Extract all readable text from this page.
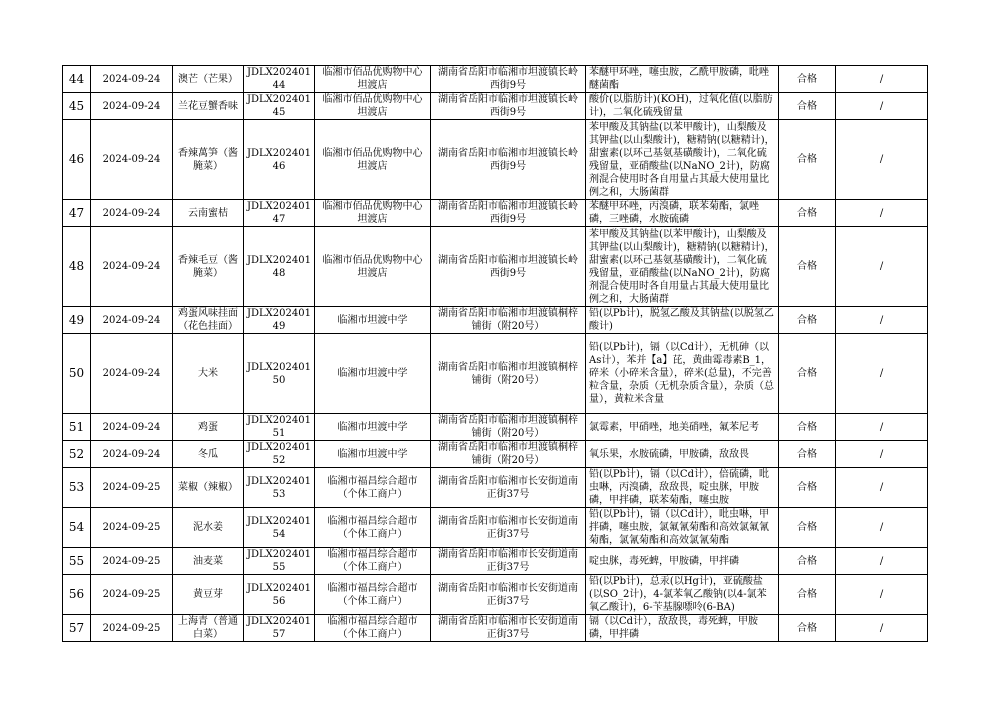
44	2024-09-24	澳芒（芒果）	JDLX20240144	临湘市佰品优购物中心坦渡店	湖南省岳阳市临湘市坦渡镇长岭西街9号	苯醚甲环唑，噻虫胺，乙酰甲胺磷，吡唑醚菌酯	合格	/
45	2024-09-24	兰花豆蟹香味	JDLX20240145	临湘市佰品优购物中心坦渡店	湖南省岳阳市临湘市坦渡镇长岭西街9号	酸价(以脂肪计)(KOH)，过氧化值(以脂肪计)，二氧化硫残留量	合格	/
46	2024-09-24	香辣萬笋（酱腌菜）	JDLX20240146	临湘市佰品优购物中心坦渡店	湖南省岳阳市临湘市坦渡镇长岭西街9号	苯甲酸及其钠盐(以苯甲酸计)，山梨酸及其钾盐(以山梨酸计)，糖精钠(以糖精计)，甜蜜素(以环己基氨基磺酸计)，二氧化硫残留量，亚硝酸盐(以NaNO_2计)，防腐剂混合使用时各自用量占其最大使用量比例之和，大肠菌群	合格	/
47	2024-09-24	云南蜜桔	JDLX20240147	临湘市佰品优购物中心坦渡店	湖南省岳阳市临湘市坦渡镇长岭西街9号	苯醚甲环唑，丙溴磷，联苯菊酯，氯唑磷，三唑磷，水胺硫磷	合格	/
48	2024-09-24	香辣毛豆（酱腌菜）	JDLX20240148	临湘市佰品优购物中心坦渡店	湖南省岳阳市临湘市坦渡镇长岭西街9号	苯甲酸及其钠盐(以苯甲酸计)，山梨酸及其钾盐(以山梨酸计)，糖精钠(以糖精计)，甜蜜素(以环己基氨基磺酸计)，二氧化硫残留量，亚硝酸盐(以NaNO_2计)，防腐剂混合使用时各自用量占其最大使用量比例之和，大肠菌群	合格	/
49	2024-09-24	鸡蛋风味挂面（花色挂面）	JDLX20240149	临湘市坦渡中学	湖南省岳阳市临湘市坦渡镇桐梓铺街（附20号）	铅(以Pb计)，脱氢乙酸及其钠盐(以脱氢乙酸计)	合格	/
50	2024-09-24	大米	JDLX20240150	临湘市坦渡中学	湖南省岳阳市临湘市坦渡镇桐梓铺街（附20号）	铅(以Pb计)，镉（以Cd计），无机砷（以As计），苯并【a】芘，黄曲霉毒素B_1，碎米（小碎米含量），碎米(总量)，不完善粒含量，杂质（无机杂质含量），杂质（总量），黄粒米含量	合格	/
51	2024-09-24	鸡蛋	JDLX20240151	临湘市坦渡中学	湖南省岳阳市临湘市坦渡镇桐梓铺街（附20号）	氯霉素，甲硝唑，地美硝唑，氟苯尼考	合格	/
52	2024-09-24	冬瓜	JDLX20240152	临湘市坦渡中学	湖南省岳阳市临湘市坦渡镇桐梓铺街（附20号）	氧乐果，水胺硫磷，甲胺磷，敌敌畏	合格	/
53	2024-09-25	菜椒（辣椒）	JDLX20240153	临湘市福昌综合超市（个体工商户）	湖南省岳阳市临湘市长安街道南正街37号	铅(以Pb计)，镉（以Cd计），倍硫磷，吡虫啉，丙溴磷，敌敌畏，啶虫脒，甲胺磷，甲拌磷，联苯菊酯，噻虫胺	合格	/
54	2024-09-25	泥水姜	JDLX20240154	临湘市福昌综合超市（个体工商户）	湖南省岳阳市临湘市长安街道南正街37号	铅(以Pb计)，镉（以Cd计），吡虫啉，甲拌磷，噻虫胺，氯氟氰菊酯和高效氯氟氰菊酯，氯氰菊酯和高效氯氰菊酯	合格	/
55	2024-09-25	油麦菜	JDLX20240155	临湘市福昌综合超市（个体工商户）	湖南省岳阳市临湘市长安街道南正街37号	啶虫脒，毒死蜱，甲胺磷，甲拌磷	合格	/
56	2024-09-25	黄豆芽	JDLX20240156	临湘市福昌综合超市（个体工商户）	湖南省岳阳市临湘市长安街道南正街37号	铅(以Pb计)，总汞(以Hg计)，亚硫酸盐(以SO_2计)，4-氯苯氧乙酸钠(以4-氯苯氧乙酸计)，6-苄基腺嘌呤(6-BA)	合格	/
57	2024-09-25	上海青（普通白菜）	JDLX20240157	临湘市福昌综合超市（个体工商户）	湖南省岳阳市临湘市长安街道南正街37号	镉（以Cd计），敌敌畏，毒死蜱，甲胺磷，甲拌磷	合格	/
